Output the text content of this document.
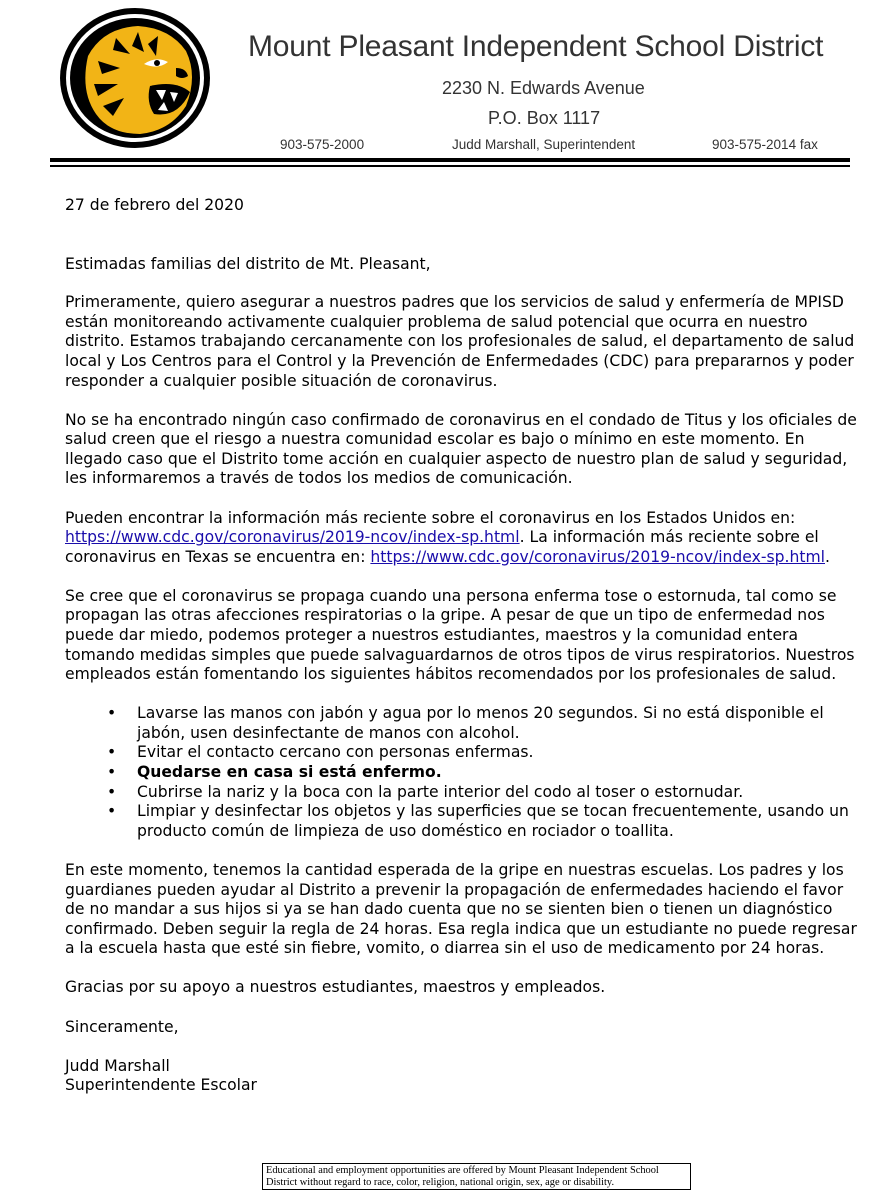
Mount Pleasant Independent School District
2230 N. Edwards Avenue
P.O. Box 1117
903-575-2000	Judd Marshall, Superintendent	903-575-2014 fax

27 de febrero del 2020

Estimadas familias del distrito de Mt. Pleasant,

Primeramente, quiero asegurar a nuestros padres que los servicios de salud y enfermería de MPISD están monitoreando activamente cualquier problema de salud potencial que ocurra en nuestro distrito. Estamos trabajando cercanamente con los profesionales de salud, el departamento de salud local y Los Centros para el Control y la Prevención de Enfermedades (CDC) para prepararnos y poder responder a cualquier posible situación de coronavirus.

No se ha encontrado ningún caso confirmado de coronavirus en el condado de Titus y los oficiales de salud creen que el riesgo a nuestra comunidad escolar es bajo o mínimo en este momento. En llegado caso que el Distrito tome acción en cualquier aspecto de nuestro plan de salud y seguridad, les informaremos a través de todos los medios de comunicación.

Pueden encontrar la información más reciente sobre el coronavirus en los Estados Unidos en: https://www.cdc.gov/coronavirus/2019-ncov/index-sp.html. La información más reciente sobre el coronavirus en Texas se encuentra en: https://www.cdc.gov/coronavirus/2019-ncov/index-sp.html.

Se cree que el coronavirus se propaga cuando una persona enferma tose o estornuda, tal como se propagan las otras afecciones respiratorias o la gripe. A pesar de que un tipo de enfermedad nos puede dar miedo, podemos proteger a nuestros estudiantes, maestros y la comunidad entera tomando medidas simples que puede salvaguardarnos de otros tipos de virus respiratorios. Nuestros empleados están fomentando los siguientes hábitos recomendados por los profesionales de salud.

• Lavarse las manos con jabón y agua por lo menos 20 segundos. Si no está disponible el jabón, usen desinfectante de manos con alcohol.
• Evitar el contacto cercano con personas enfermas.
• Quedarse en casa si está enfermo.
• Cubrirse la nariz y la boca con la parte interior del codo al toser o estornudar.
• Limpiar y desinfectar los objetos y las superficies que se tocan frecuentemente, usando un producto común de limpieza de uso doméstico en rociador o toallita.

En este momento, tenemos la cantidad esperada de la gripe en nuestras escuelas. Los padres y los guardianes pueden ayudar al Distrito a prevenir la propagación de enfermedades haciendo el favor de no mandar a sus hijos si ya se han dado cuenta que no se sienten bien o tienen un diagnóstico confirmado. Deben seguir la regla de 24 horas. Esa regla indica que un estudiante no puede regresar a la escuela hasta que esté sin fiebre, vomito, o diarrea sin el uso de medicamento por 24 horas.

Gracias por su apoyo a nuestros estudiantes, maestros y empleados.

Sinceramente,

Judd Marshall

Superintendente Escolar

Educational and employment opportunities are offered by Mount Pleasant Independent School District without regard to race, color, religion, national origin, sex, age or disability.
